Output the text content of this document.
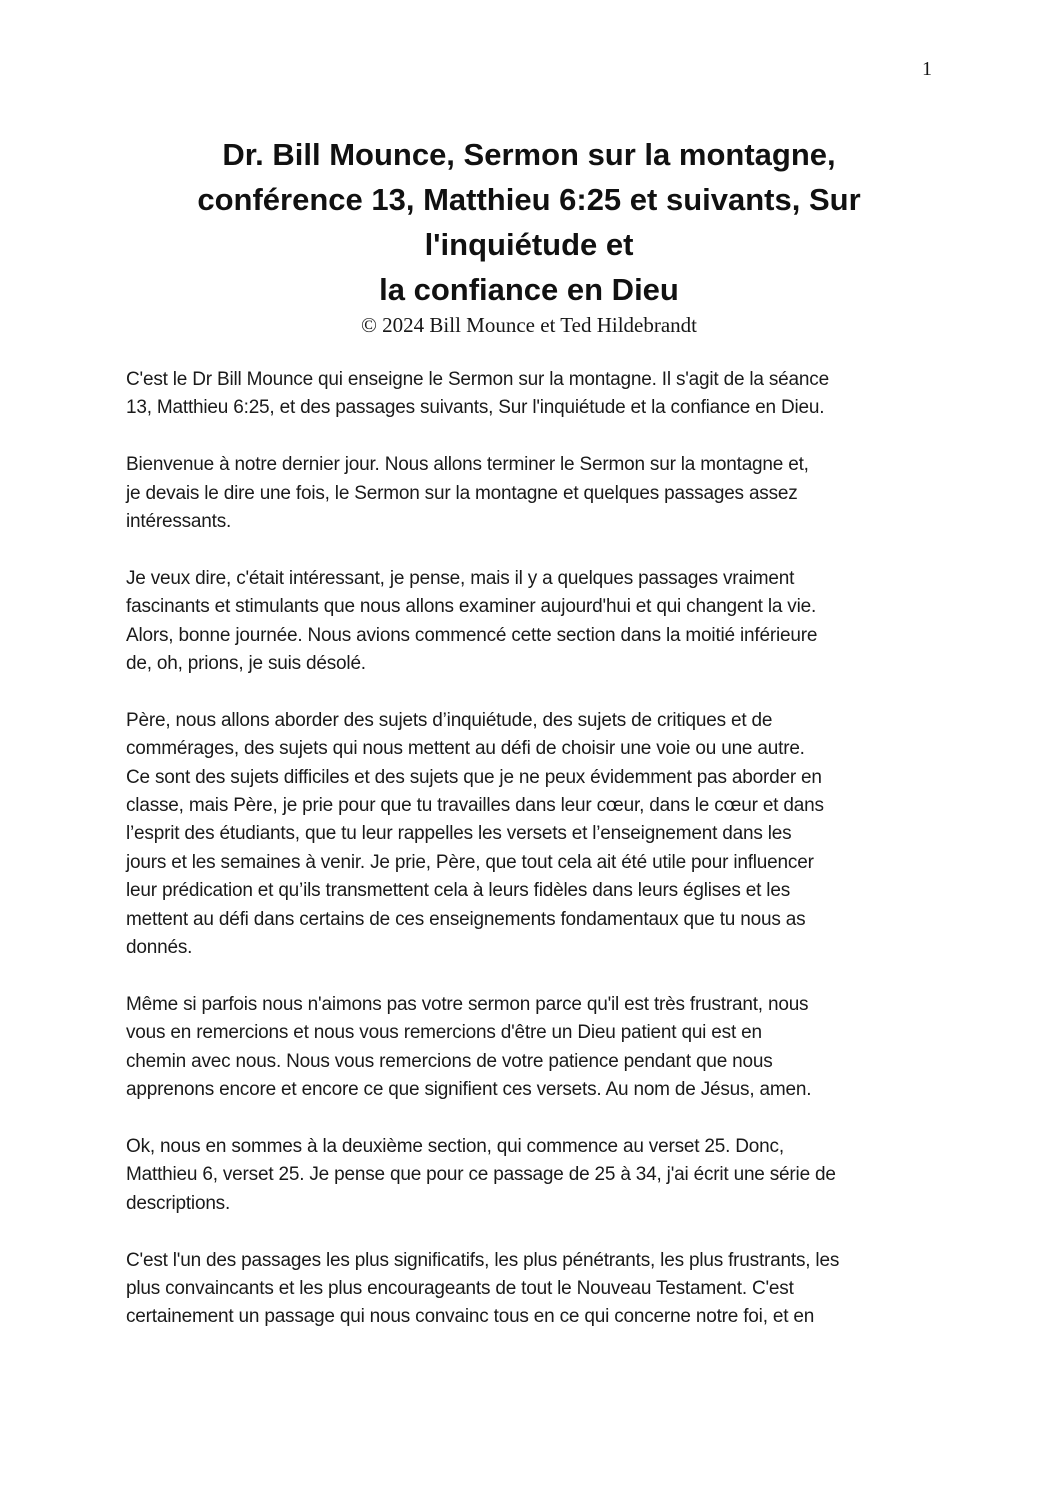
1
Dr. Bill Mounce, Sermon sur la montagne,
conférence 13, Matthieu 6:25 et suivants, Sur
l'inquiétude et
la confiance en Dieu
© 2024 Bill Mounce et Ted Hildebrandt
C'est le Dr Bill Mounce qui enseigne le Sermon sur la montagne. Il s'agit de la séance
13, Matthieu 6:25, et des passages suivants, Sur l'inquiétude et la confiance en Dieu.
Bienvenue à notre dernier jour. Nous allons terminer le Sermon sur la montagne et,
je devais le dire une fois, le Sermon sur la montagne et quelques passages assez
intéressants.
Je veux dire, c'était intéressant, je pense, mais il y a quelques passages vraiment
fascinants et stimulants que nous allons examiner aujourd'hui et qui changent la vie.
Alors, bonne journée. Nous avions commencé cette section dans la moitié inférieure
de, oh, prions, je suis désolé.
Père, nous allons aborder des sujets d’inquiétude, des sujets de critiques et de
commérages, des sujets qui nous mettent au défi de choisir une voie ou une autre.
Ce sont des sujets difficiles et des sujets que je ne peux évidemment pas aborder en
classe, mais Père, je prie pour que tu travailles dans leur cœur, dans le cœur et dans
l’esprit des étudiants, que tu leur rappelles les versets et l’enseignement dans les
jours et les semaines à venir. Je prie, Père, que tout cela ait été utile pour influencer
leur prédication et qu’ils transmettent cela à leurs fidèles dans leurs églises et les
mettent au défi dans certains de ces enseignements fondamentaux que tu nous as
donnés.
Même si parfois nous n'aimons pas votre sermon parce qu'il est très frustrant, nous
vous en remercions et nous vous remercions d'être un Dieu patient qui est en
chemin avec nous. Nous vous remercions de votre patience pendant que nous
apprenons encore et encore ce que signifient ces versets. Au nom de Jésus, amen.
Ok, nous en sommes à la deuxième section, qui commence au verset 25. Donc,
Matthieu 6, verset 25. Je pense que pour ce passage de 25 à 34, j'ai écrit une série de
descriptions.
C'est l'un des passages les plus significatifs, les plus pénétrants, les plus frustrants, les
plus convaincants et les plus encourageants de tout le Nouveau Testament. C'est
certainement un passage qui nous convainc tous en ce qui concerne notre foi, et en
